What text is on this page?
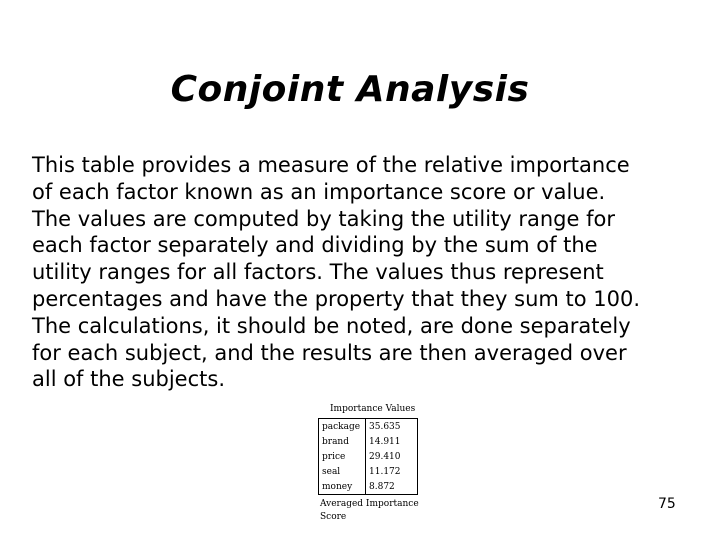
Conjoint Analysis
This table provides a measure of the relative importance
of each factor known as an importance score or value.
The values are computed by taking the utility range for
each factor separately and dividing by the sum of the
utility ranges for all factors. The values thus represent
percentages and have the property that they sum to 100.
The calculations, it should be noted, are done separately
for each subject, and the results are then averaged over
all of the subjects.
Importance Values
package	35.635
brand	14.911
price	29.410
seal	11.172
money	8.872
Averaged Importance Score
75
